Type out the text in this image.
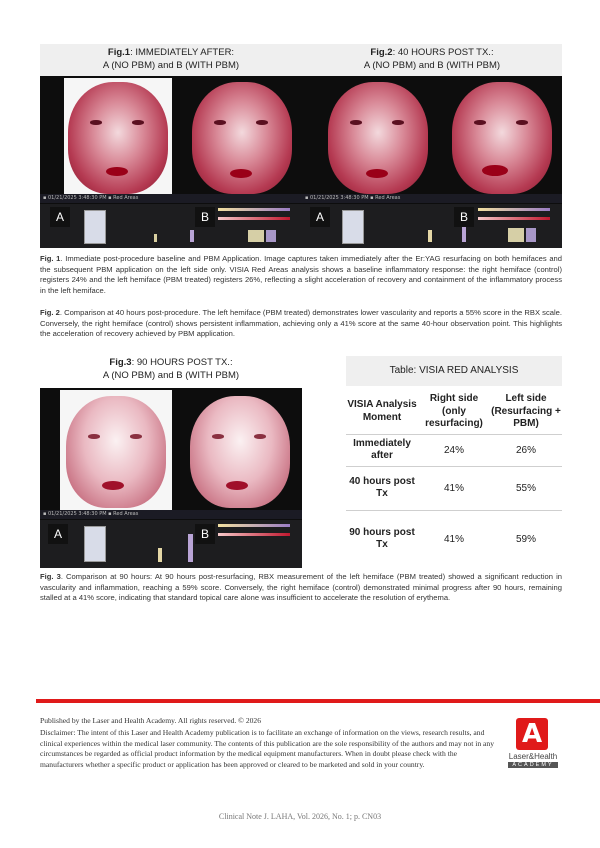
Fig.1: IMMEDIATELY AFTER:
A (NO PBM) and B (WITH PBM)
▪ 01/21/2025 3:48:30 PM ▪ Red Areas
A	B
Fig.2: 40 HOURS POST TX.:
A (NO PBM) and B (WITH PBM)
▪ 01/21/2025 3:48:30 PM ▪ Red Areas
A	B
Fig. 1. Immediate post-procedure baseline and PBM Application. Image captures taken immediately after the Er:YAG resurfacing on both hemifaces and the subsequent PBM application on the left side only. VISIA Red Areas analysis shows a baseline inflammatory response: the right hemiface (control) registers 24% and the left hemiface (PBM treated) registers 26%, reflecting a slight acceleration of recovery and containment of the inflammatory process in the left hemiface.
Fig. 2. Comparison at 40 hours post-procedure. The left hemiface (PBM treated) demonstrates lower vascularity and reports a 55% score in the RBX scale. Conversely, the right hemiface (control) shows persistent inflammation, achieving only a 41% score at the same 40-hour observation point. This highlights the acceleration of recovery achieved by PBM application.
Fig.3: 90 HOURS POST TX.:
A (NO PBM) and B (WITH PBM)
▪ 01/21/2025 3:48:30 PM ▪ Red Areas
A	B
Table: VISIA RED ANALYSIS
VISIA Analysis Moment	Right side (only resurfacing)	Left side (Resurfacing + PBM)
Immediately after	24%	26%
40 hours post Tx	41%	55%
90 hours post Tx	41%	59%
Fig. 3. Comparison at 90 hours: At 90 hours post-resurfacing, RBX measurement of the left hemiface (PBM treated) showed a significant reduction in vascularity and inflammation, reaching a 59% score. Conversely, the right hemiface (control) demonstrated minimal progress after 90 hours, remaining stalled at a 41% score, indicating that standard topical care alone was insufficient to accelerate the resolution of erythema.
Published by the Laser and Health Academy. All rights reserved. © 2026
Disclaimer: The intent of this Laser and Health Academy publication is to facilitate an exchange of information on the views, research results, and clinical experiences within the medical laser community. The contents of this publication are the sole responsibility of the authors and may not in any circumstances be regarded as official product information by the medical equipment manufacturers. When in doubt please check with the manufacturers whether a specific product or application has been approved or cleared to be marketed and sold in your country.
A
Laser&Health
ACADEMY
Clinical Note J. LAHA, Vol. 2026, No. 1; p. CN03
